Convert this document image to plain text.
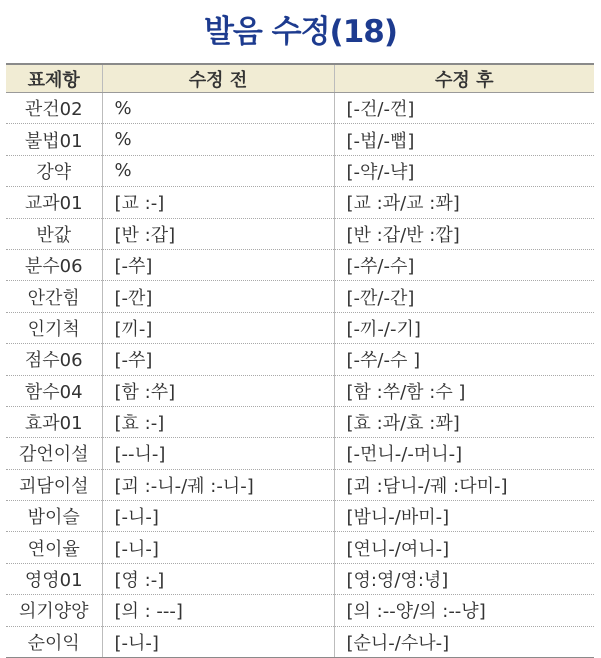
발음 수정(18)
표제항	수정 전	수정 후
관건02	%	[-건/-껀]
불법01	%	[-법/-뻡]
강약	%	[-약/-냑]
교과01	[교 :-]	[교 :과/교 :꽈]
반값	[반 :갑]	[반 :갑/반 :깝]
분수06	[-쑤]	[-쑤/-수]
안간힘	[-깐]	[-깐/-간]
인기척	[끼-]	[-끼-/-기]
점수06	[-쑤]	[-쑤/-수 ]
함수04	[함 :쑤]	[함 :쑤/함 :수 ]
효과01	[효 :-]	[효 :과/효 :꽈]
감언이설	[--니-]	[-먼니-/-머니-]
괴담이설	[괴 :-니-/궤 :-니-]	[괴 :담니-/궤 :다미-]
밤이슬	[-니-]	[밤니-/바미-]
연이율	[-니-]	[연니-/여니-]
영영01	[영 :-]	[영:영/영:녕]
의기양양	[의 : ---]	[의 :--양/의 :--냥]
순이익	[-니-]	[순니-/수나-]
